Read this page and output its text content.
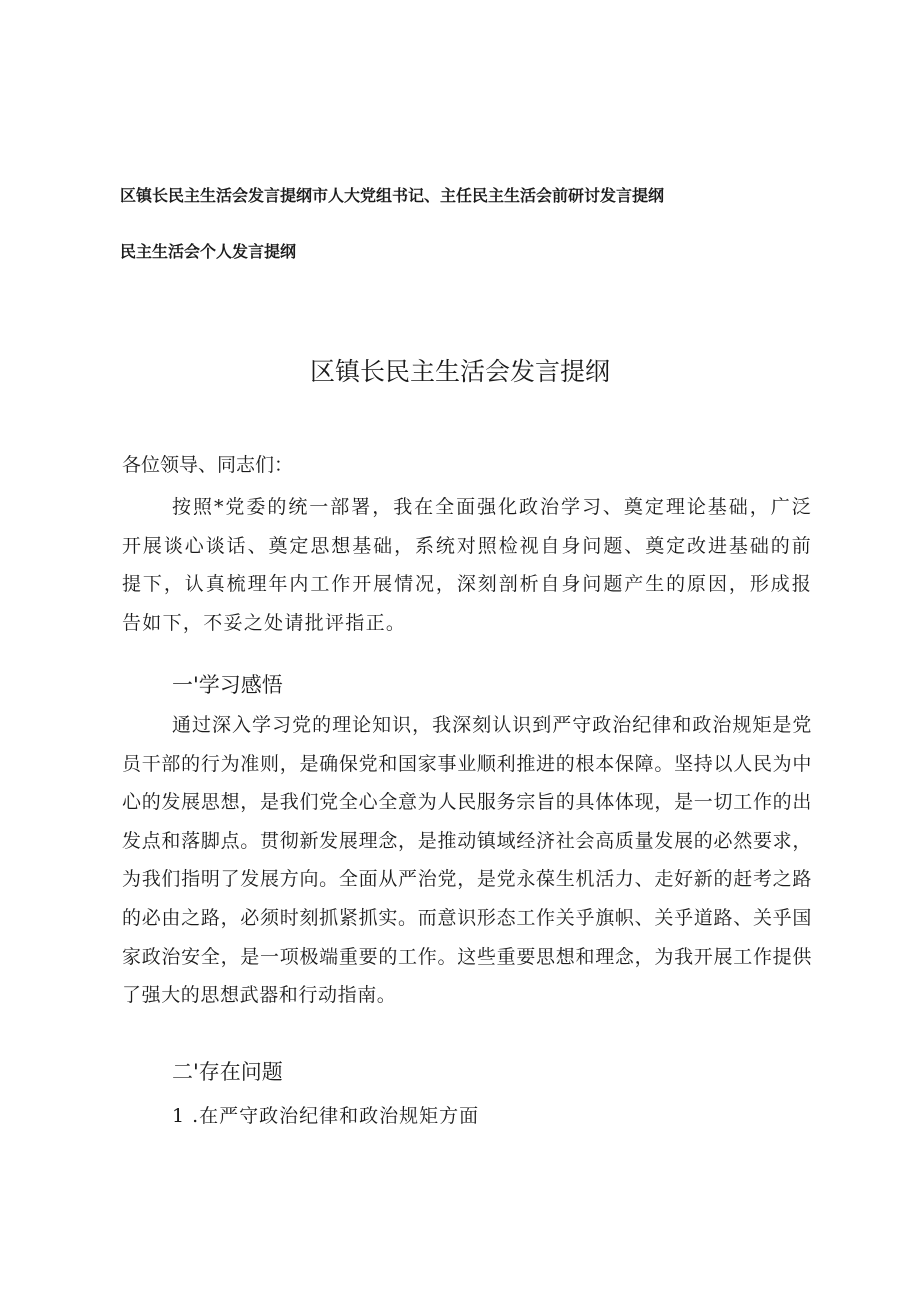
区镇长民主生活会发言提纲市人大党组书记、主任民主生活会前研讨发言提纲
民主生活会个人发言提纲
区镇长民主生活会发言提纲
各位领导、同志们：

按照*党委的统一部署，我在全面强化政治学习、奠定理论基础，广泛开展谈心谈话、奠定思想基础，系统对照检视自身问题、奠定改进基础的前提下，认真梳理年内工作开展情况，深刻剖析自身问题产生的原因，形成报告如下，不妥之处请批评指正。

一'学习感悟

通过深入学习党的理论知识，我深刻认识到严守政治纪律和政治规矩是党员干部的行为准则，是确保党和国家事业顺利推进的根本保障。坚持以人民为中心的发展思想，是我们党全心全意为人民服务宗旨的具体体现，是一切工作的出发点和落脚点。贯彻新发展理念，是推动镇域经济社会高质量发展的必然要求，为我们指明了发展方向。全面从严治党，是党永葆生机活力、走好新的赶考之路的必由之路，必须时刻抓紧抓实。而意识形态工作关乎旗帜、关乎道路、关乎国家政治安全，是一项极端重要的工作。这些重要思想和理念，为我开展工作提供了强大的思想武器和行动指南。

二'存在问题
1 .在严守政治纪律和政治规矩方面
